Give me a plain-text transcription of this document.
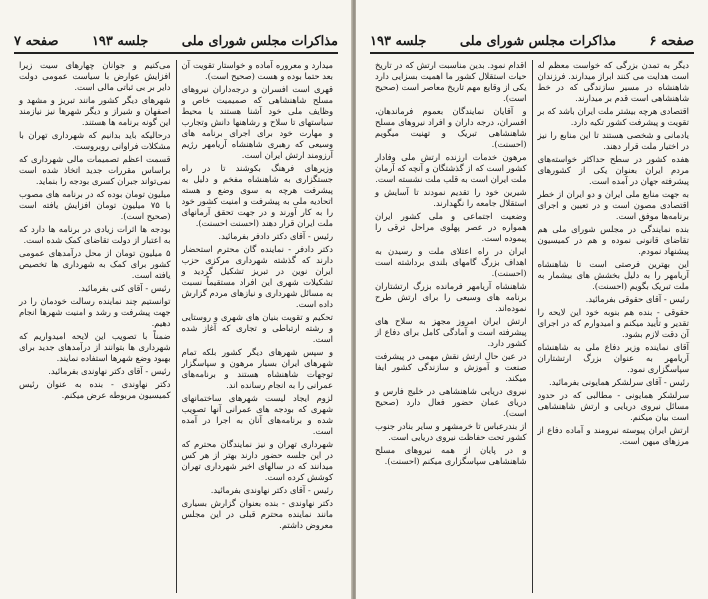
مذاکرات مجلس شورای ملی
جلسه ۱۹۳
صفحه ۷

میدارد و معروره آماده و خواستار تقویت آن بعد حتما بوده و هست (صحیح است).

قهری است افسران و درجه‌داران نیروهای مسلح شاهنشاهی که صمیمیت خاص و وظایف ملی خود آشنا هستند یا محیط سیاستهای تا سلاح و رشاهنها دانش وتجارب و مهارت خود برای اجرای برنامه های وسیعی که رهبری شاهنشاه آریامهر رژیم آرزومند ارتش ایران است.

وزیرهای فرهنگ بکوشند تا در راه جستگزاری به شاهنشاه مفخم و دلیل به پیشرفت هرچه به سوی وضع و هسته اتحادیه ملی به پیشرفت و امنیت کشور خود را به کار آورند و در جهت تحقق آرمانهای ملت ایران قرار دهند (احسنت احسنت).

رئیس - آقای دکتر دادفر بفرمائید.

دکتر دادفر - نماینده گان محترم استحضار دارند که گذشته شهرداری مرکزی حزب ایران نوین در تبریز تشکیل گردید و تشکیلات شهری این افراد مستقیماً نسبت به مسائل شهرداری و نیازهای مردم گزارش داده است.

تحکیم و تقویت بنیان های شهری و روستایی و رشته ارتباطی و تجاری که آغاز شده است.

و سپس شهرهای دیگر کشور بلکه تمام شهرهای ایران بسیار مرهون و سپاسگزار توجهات شاهنشاه هستند و برنامه‌های عمرانی را به انجام رسانده اند.

لزوم ایجاد لیست شهرهای ساختمانهای شهری که بودجه های عمرانی آنها تصویب شده و برنامه‌های آنان به اجرا در آمده است.

شهرداری تهران و نیز نمایندگان محترم که در این جلسه حضور دارند بهتر از هر کس میدانند که در سالهای اخیر شهرداری تهران کوشش کرده است.

رئیس - آقای دکتر نهاوندی بفرمائید.

دکتر نهاوندی - بنده بعنوان گزارش بسیاری مانند نماینده محترم قبلی در این مجلس معروض داشتم.

می‌کنیم و جوانان چهارهای سیت زیرا افزایش عوارض با سیاست عمومی دولت دایر بر بی ثباتی مالی است.

شهرهای دیگر کشور مانند تبریز و مشهد و اصفهان و شیراز و دیگر شهرها نیز نیازمند این گونه برنامه ها هستند.

درحالیکه باید بدانیم که شهرداری تهران با مشکلات فراوانی روبروست.

قسمت اعظم تصمیمات مالی شهرداری که براساس مقررات جدید اتخاذ شده است نمی‌تواند جبران کسری بودجه را بنماید.

میلیون تومان بوده که در برنامه های مصوب با ۷۵ میلیون تومان افزایش یافته است (صحیح است).

بودجه ها اثرات زیادی در برنامه ها دارد که به اعتبار از دولت تقاضای کمک شده است.

۵ میلیون تومان از محل درآمدهای عمومی کشور برای کمک به شهرداری ها تخصیص یافته است.

رئیس - آقای کنی بفرمائید.

توانستیم چند نماینده رسالت خودمان را در جهت پیشرفت و رشد و امنیت شهرها انجام دهیم.

ضمناً با تصویب این لایحه امیدواریم که شهرداری ها بتوانند از درآمدهای جدید برای بهبود وضع شهرها استفاده نمایند.

رئیس - آقای دکتر نهاوندی بفرمائید.

دکتر نهاوندی - بنده به عنوان رئیس کمیسیون مربوطه عرض میکنم.

صفحه ۶
مذاکرات مجلس شورای ملی
جلسه ۱۹۳

دیگر به تمدن بزرگی که خواست معظم له است هدایت می کنند ابراز میدارند. فرزندان شاهنشاه در مسیر سازندگی که در خط شاهنشاهی است قدم بر میدارند.

اقتصادی هرچه بیشتر ملت ایران باشد که بر تقویت و پیشرفت کشور تکیه دارد.

یادمانی و شخصی هستند تا این منابع را نیز در اختیار ملت قرار دهند.

هفده کشور در سطح حداکثر خواسته‌های مردم ایران بعنوان یکی از کشورهای پیشرفته جهان در آمده است.

به جهت منابع ملی ایران و دو ایران از خطر اقتصادی مصون است و در تعیین و اجرای برنامه‌ها موفق است.

بنده نمایندگی در مجلس شورای ملی هم تقاضای قانونی نموده و هم در کمیسیون پیشنهاد نمودم.

این بهترین فرصتی است تا شاهنشاه آریامهر را به دلیل بخشش های بیشمار به ملت تبریک بگویم (احسنت).

رئیس - آقای حقوقی بفرمائید.

حقوقی - بنده هم بنوبه خود این لایحه را تقدیر و تأیید میکنم و امیدوارم که در اجرای آن دقت لازم بشود.

آقای نماینده وزیر دفاع ملی به شاهنشاه آریامهر به عنوان بزرگ ارتشتاران سپاسگزاری نمود.

رئیس - آقای سرلشکر همایونی بفرمائید.

سرلشکر همایونی - مطالبی که در حدود مسائل نیروی دریایی و ارتش شاهنشاهی است بیان میکنم.

ارتش ایران پیوسته نیرومند و آماده دفاع از مرزهای میهن است.

اقدام نمود. بدین مناسبت ارتش که در تاریخ حیات استقلال کشور ما اهمیت بسزایی دارد یکی از وقایع مهم تاریخ معاصر است (صحیح است).

و آقایان نمایندگان بعموم فرماندهان، افسران، درجه داران و افراد نیروهای مسلح شاهنشاهی تبریک و تهنیت میگویم (احسنت).

مرهون خدمات ارزنده ارتش ملی وفادار کشور است که از گذشتگان و آنچه که آرمان ملت ایران است به قلب ملت نشسته است.

شیرین خود را تقدیم نمودند تا آسایش و استقلال جامعه را نگهدارند.

وضعیت اجتماعی و ملی کشور ایران همواره در عصر پهلوی مراحل ترقی را پیموده است.

ایران در راه اعتلای ملت و رسیدن به اهداف بزرگ گامهای بلندی برداشته است (احسنت).

شاهنشاه آریامهر فرمانده بزرگ ارتشتاران برنامه های وسیعی را برای ارتش طرح نموده‌اند.

ارتش ایران امروز مجهز به سلاح های پیشرفته است و آمادگی کامل برای دفاع از کشور دارد.

در عین حال ارتش نقش مهمی در پیشرفت صنعت و آموزش و سازندگی کشور ایفا میکند.

نیروی دریایی شاهنشاهی در خلیج فارس و دریای عمان حضور فعال دارد (صحیح است).

از بندرعباس تا خرمشهر و سایر بنادر جنوب کشور تحت حفاظت نیروی دریایی است.

و در پایان از همه نیروهای مسلح شاهنشاهی سپاسگزاری میکنم (احسنت).
